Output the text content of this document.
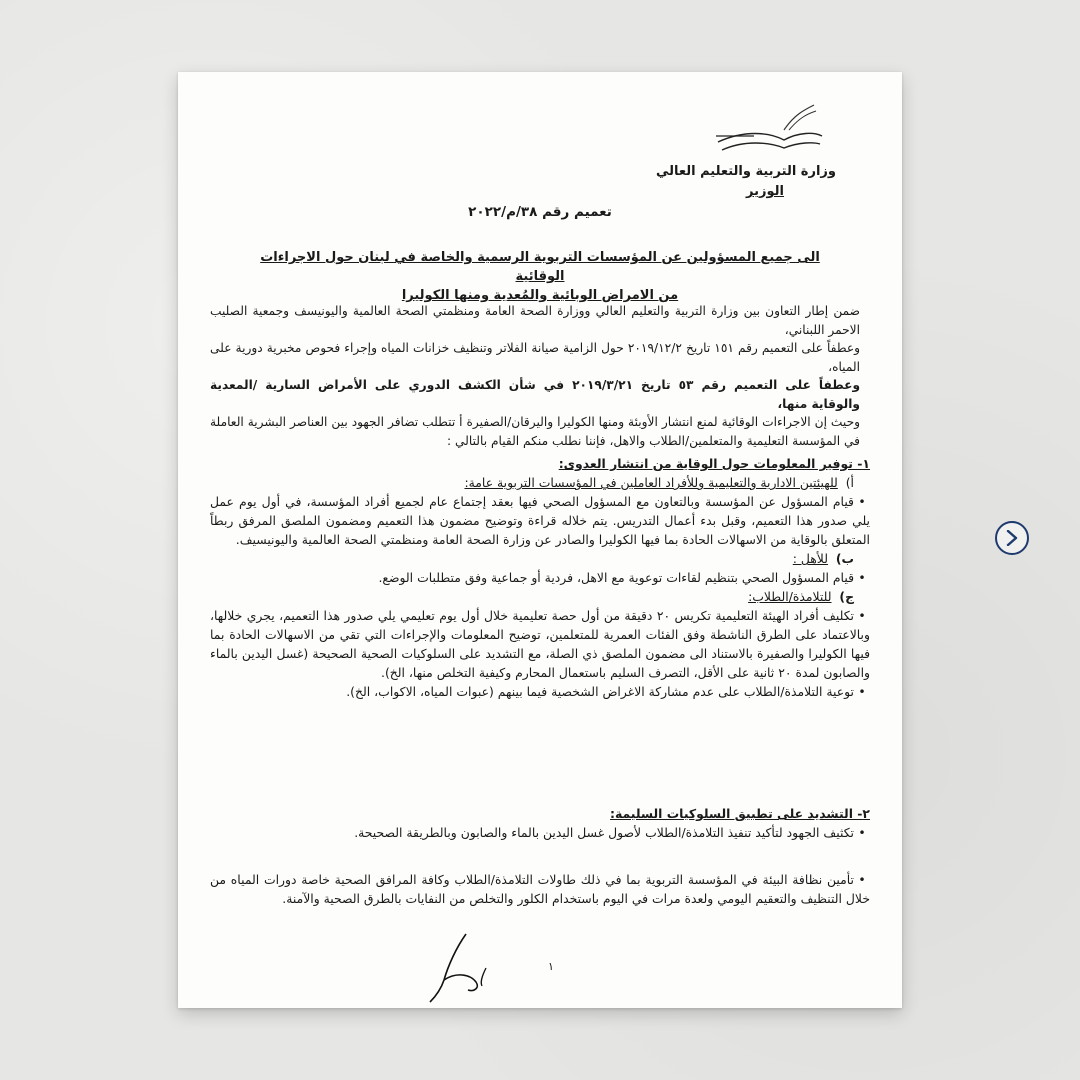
وزارة التربية والتعليم العالي
الوزير
تعميم رقم ٣٨/م/٢٠٢٢
الى جميع المسؤولين عن المؤسسات التربوية الرسمية والخاصة في لبنان حول الاجراءات الوقائية
من الامراض الوبائية والمُعدية ومنها الكوليرا

ضمن إطار التعاون بين وزارة التربية والتعليم العالي ووزارة الصحة العامة ومنظمتي الصحة العالمية واليونيسف وجمعية الصليب الاحمر اللبناني،

وعطفاً على التعميم رقم ١٥١ تاريخ ٢٠١٩/١٢/٢ حول الزامية صيانة الفلاتر وتنظيف خزانات المياه وإجراء فحوص مخبرية دورية على المياه،

وعطفاً على التعميم رقم ٥٣ تاريخ ٢٠١٩/٣/٢١ في شأن الكشف الدوري على الأمراض السارية /المعدية والوقاية منها،

وحيث إن الاجراءات الوقائية لمنع انتشار الأوبئة ومنها الكوليرا واليرقان/الصفيرة أ تتطلب تضافر الجهود بين العناصر البشرية العاملة في المؤسسة التعليمية والمتعلمين/الطلاب والاهل، فإننا نطلب منكم القيام بالتالي :

١- توفير المعلومات حول الوقاية من انتشار العدوى:
أ)  للهيئتين الادارية والتعليمية وللأفراد العاملين في المؤسسات التربوية عامة:

•قيام المسؤول عن المؤسسة وبالتعاون مع المسؤول الصحي فيها بعقد إجتماع عام لجميع أفراد المؤسسة، في أول يوم عمل يلي صدور هذا التعميم، وقبل بدء أعمال التدريس. يتم خلاله قراءة وتوضيح مضمون هذا التعميم ومضمون الملصق المرفق ربطاً المتعلق بالوقاية من الاسهالات الحادة بما فيها الكوليرا والصادر عن وزارة الصحة العامة ومنظمتي الصحة العالمية واليونيسيف.

ب)  للأهل :

•قيام المسؤول الصحي بتنظيم لقاءات توعوية مع الاهل، فردية أو جماعية وفق متطلبات الوضع.

ج)  للتلامذة/الطلاب:

•تكليف أفراد الهيئة التعليمية تكريس ٢٠ دقيقة من أول حصة تعليمية خلال أول يوم تعليمي يلي صدور هذا التعميم، يجري خلالها، وبالاعتماد على الطرق الناشطة وفق الفئات العمرية للمتعلمين، توضيح المعلومات والإجراءات التي تقي من الاسهالات الحادة بما فيها الكوليرا والصفيرة بالاستناد الى مضمون الملصق ذي الصلة، مع التشديد على السلوكيات الصحية الصحيحة (غسل اليدين بالماء والصابون لمدة ٢٠ ثانية على الأقل، التصرف السليم باستعمال المحارم وكيفية التخلص منها، الخ).

•توعية التلامذة/الطلاب على عدم مشاركة الاغراض الشخصية فيما بينهم (عبوات المياه، الاكواب، الخ).

٢- التشديد على تطبيق السلوكيات السليمة:

•تكثيف الجهود لتأكيد تنفيذ التلامذة/الطلاب لأصول غسل اليدين بالماء والصابون وبالطريقة الصحيحة.

•تأمين نظافة البيئة في المؤسسة التربوية بما في ذلك طاولات التلامذة/الطلاب وكافة المرافق الصحية خاصة دورات المياه من خلال التنظيف والتعقيم اليومي ولعدة مرات في اليوم باستخدام الكلور والتخلص من النفايات بالطرق الصحية والآمنة.

١
